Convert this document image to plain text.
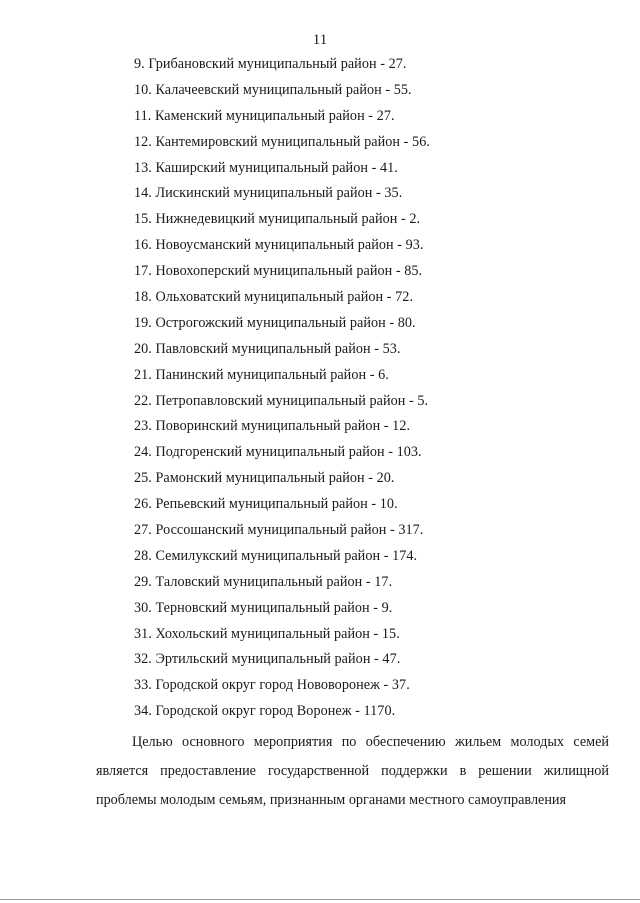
11
9. Грибановский муниципальный район - 27.
10. Калачеевский муниципальный район - 55.
11. Каменский муниципальный район - 27.
12. Кантемировский муниципальный район - 56.
13. Каширский муниципальный район - 41.
14. Лискинский муниципальный район - 35.
15. Нижнедевицкий муниципальный район - 2.
16. Новоусманский муниципальный район - 93.
17. Новохоперский муниципальный район - 85.
18. Ольховатский муниципальный район - 72.
19. Острогожский муниципальный район - 80.
20. Павловский муниципальный район - 53.
21. Панинский муниципальный район - 6.
22. Петропавловский муниципальный район - 5.
23. Поворинский муниципальный район - 12.
24. Подгоренский муниципальный район - 103.
25. Рамонский муниципальный район - 20.
26. Репьевский муниципальный район - 10.
27. Россошанский муниципальный район - 317.
28. Семилукский муниципальный район - 174.
29. Таловский муниципальный район - 17.
30. Терновский муниципальный район - 9.
31. Хохольский муниципальный район - 15.
32. Эртильский муниципальный район - 47.
33. Городской округ город Нововоронеж - 37.
34. Городской округ город Воронеж - 1170.

Целью основного мероприятия по обеспечению жильем молодых семей является предоставление государственной поддержки в решении жилищной проблемы молодым семьям, признанным органами местного самоуправления
